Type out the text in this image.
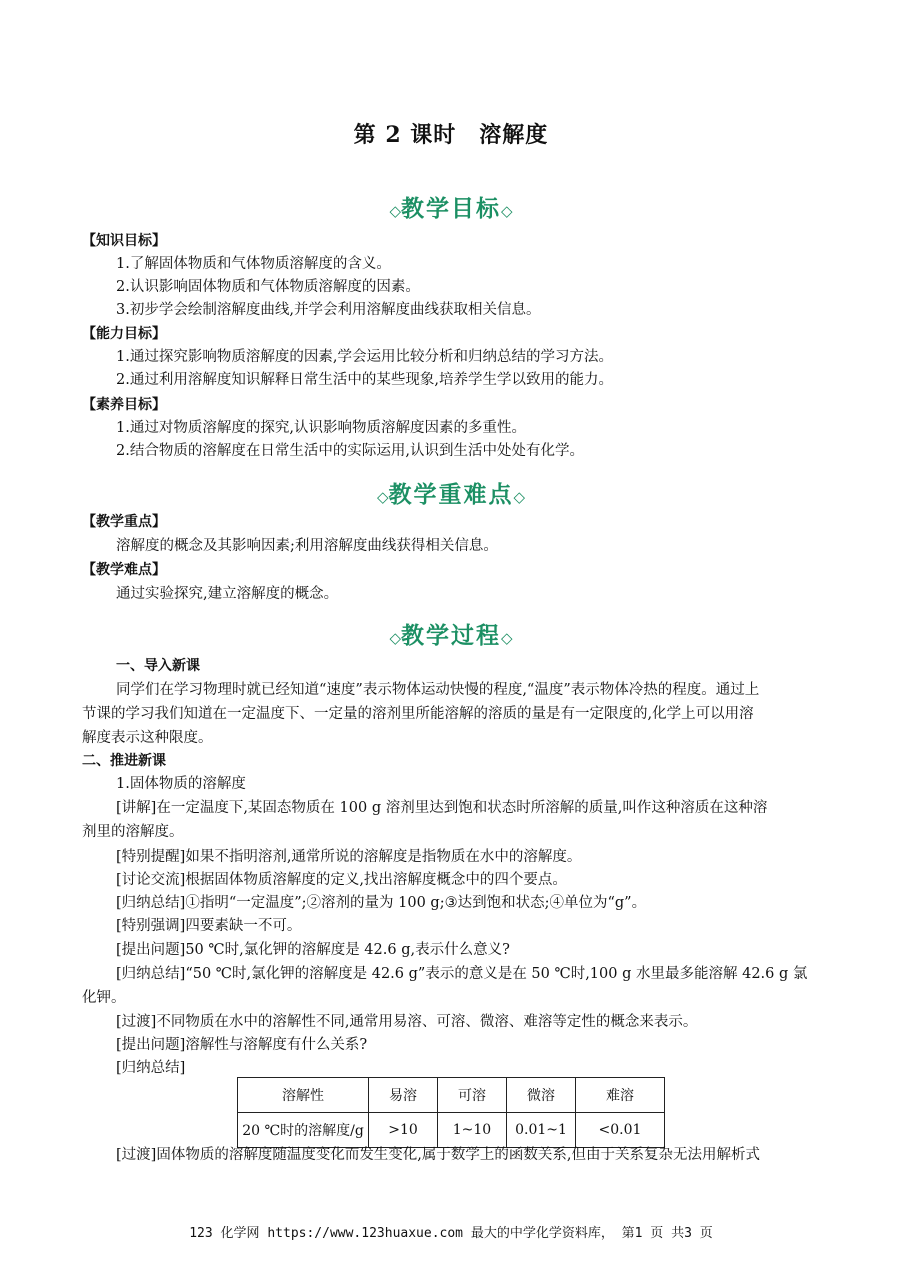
第 2 课时　溶解度
◇教学目标◇
【知识目标】
1.了解固体物质和气体物质溶解度的含义。
2.认识影响固体物质和气体物质溶解度的因素。
3.初步学会绘制溶解度曲线,并学会利用溶解度曲线获取相关信息。
【能力目标】
1.通过探究影响物质溶解度的因素,学会运用比较分析和归纳总结的学习方法。
2.通过利用溶解度知识解释日常生活中的某些现象,培养学生学以致用的能力。
【素养目标】
1.通过对物质溶解度的探究,认识影响物质溶解度因素的多重性。
2.结合物质的溶解度在日常生活中的实际运用,认识到生活中处处有化学。
◇教学重难点◇
【教学重点】
溶解度的概念及其影响因素;利用溶解度曲线获得相关信息。
【教学难点】
通过实验探究,建立溶解度的概念。
◇教学过程◇
一、导入新课
同学们在学习物理时就已经知道“速度”表示物体运动快慢的程度,“温度”表示物体冷热的程度。通过上
节课的学习我们知道在一定温度下、一定量的溶剂里所能溶解的溶质的量是有一定限度的,化学上可以用溶
解度表示这种限度。
二、推进新课
1.固体物质的溶解度
[讲解]在一定温度下,某固态物质在 100 g 溶剂里达到饱和状态时所溶解的质量,叫作这种溶质在这种溶
剂里的溶解度。
[特别提醒]如果不指明溶剂,通常所说的溶解度是指物质在水中的溶解度。
[讨论交流]根据固体物质溶解度的定义,找出溶解度概念中的四个要点。
[归纳总结]①指明“一定温度”;②溶剂的量为 100 g;③达到饱和状态;④单位为“g”。
[特别强调]四要素缺一不可。
[提出问题]50 ℃时,氯化钾的溶解度是 42.6 g,表示什么意义?
[归纳总结]“50 ℃时,氯化钾的溶解度是 42.6 g”表示的意义是在 50 ℃时,100 g 水里最多能溶解 42.6 g 氯
化钾。
[过渡]不同物质在水中的溶解性不同,通常用易溶、可溶、微溶、难溶等定性的概念来表示。
[提出问题]溶解性与溶解度有什么关系?
[归纳总结]
溶解性	易溶	可溶	微溶	难溶
20 ℃时的溶解度/g	>10	1~10	0.01~1	<0.01
[过渡]固体物质的溶解度随温度变化而发生变化,属于数学上的函数关系,但由于关系复杂无法用解析式
123 化学网 https://www.123huaxue.com 最大的中学化学资料库， 第1 页 共3 页
